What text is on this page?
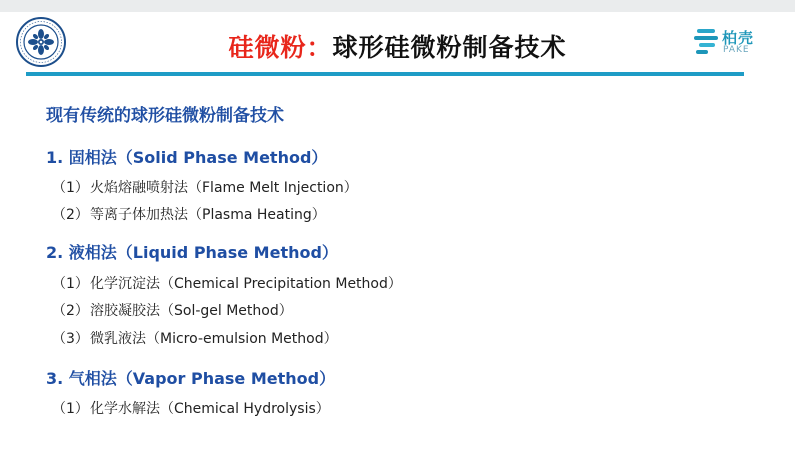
硅微粉：球形硅微粉制备技术	柏壳
PAKE
现有传统的球形硅微粉制备技术
1. 固相法（Solid Phase Method）
（1）火焰熔融喷射法（Flame Melt Injection）
（2）等离子体加热法（Plasma Heating）
2. 液相法（Liquid Phase Method）
（1）化学沉淀法（Chemical Precipitation Method）
（2）溶胶凝胶法（Sol-gel Method）
（3）微乳液法（Micro-emulsion Method）
3. 气相法（Vapor Phase Method）
（1）化学水解法（Chemical Hydrolysis）
